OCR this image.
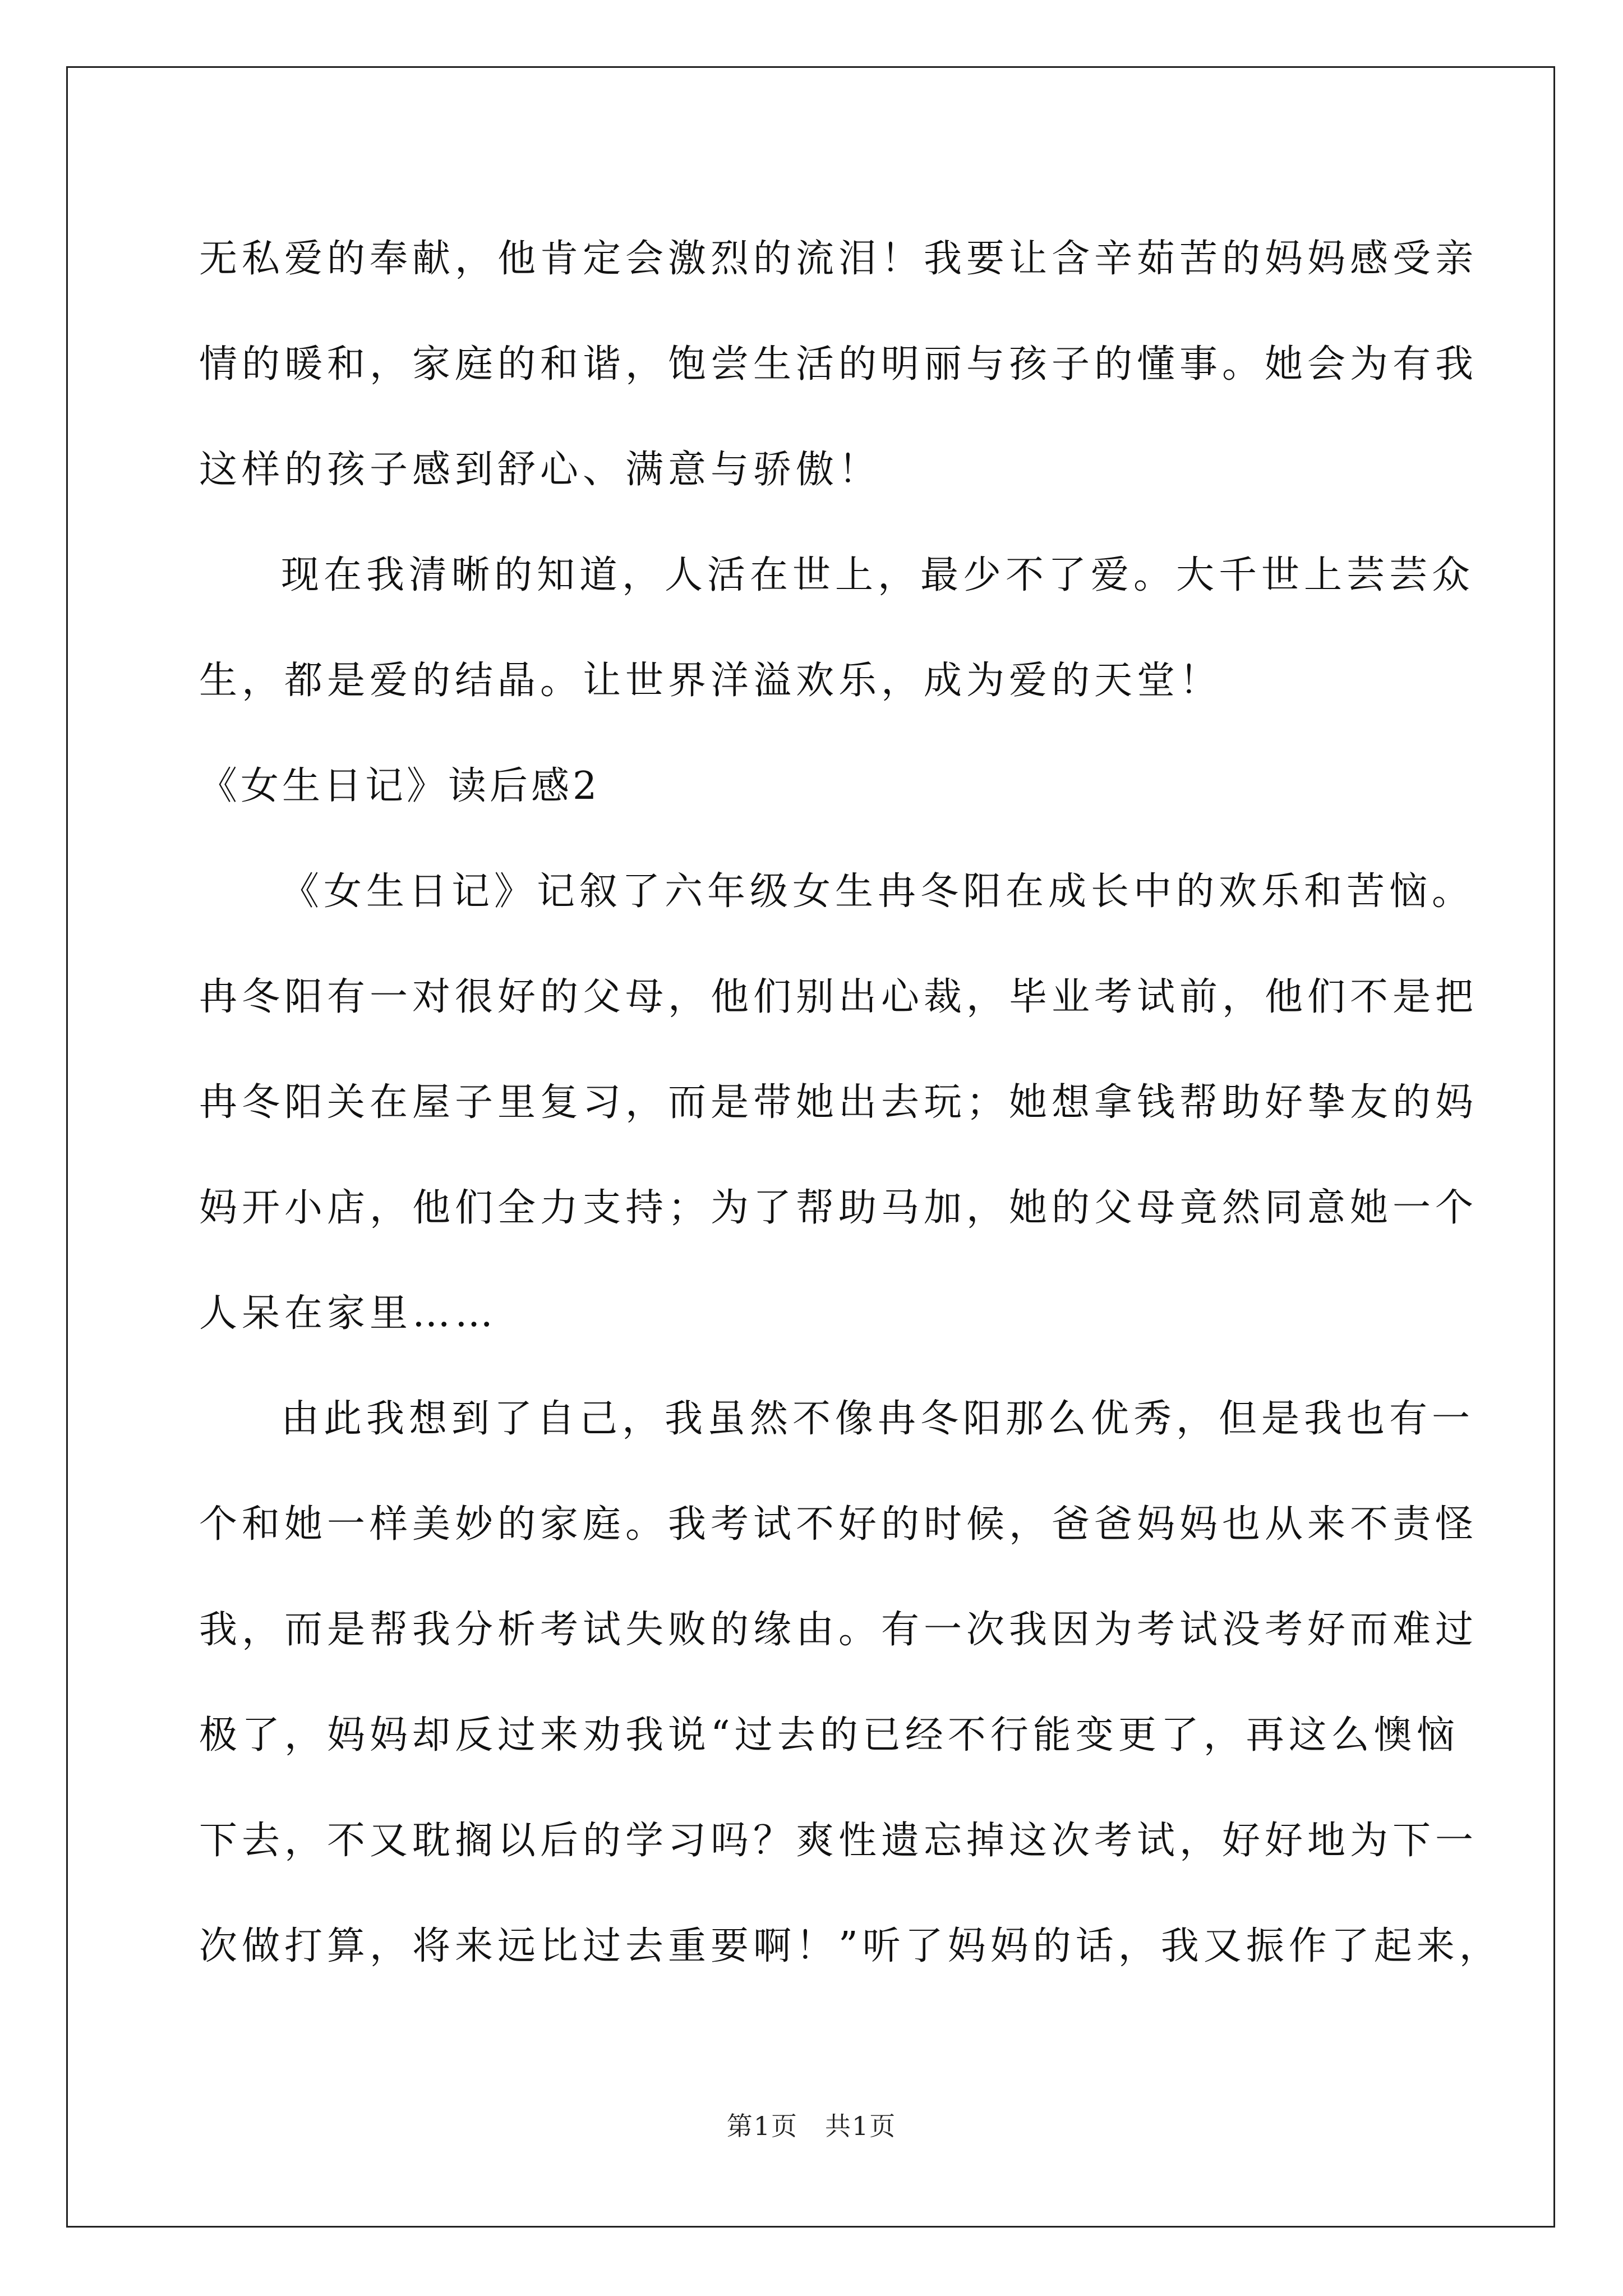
无私爱的奉献，他肯定会激烈的流泪！我要让含辛茹苦的妈妈感受亲
情的暖和，家庭的和谐，饱尝生活的明丽与孩子的懂事。她会为有我
这样的孩子感到舒心、满意与骄傲！
现在我清晰的知道，人活在世上，最少不了爱。大千世上芸芸众
生，都是爱的结晶。让世界洋溢欢乐，成为爱的天堂！
《女生日记》读后感2
《女生日记》记叙了六年级女生冉冬阳在成长中的欢乐和苦恼。
冉冬阳有一对很好的父母，他们别出心裁，毕业考试前，他们不是把
冉冬阳关在屋子里复习，而是带她出去玩；她想拿钱帮助好挚友的妈
妈开小店，他们全力支持；为了帮助马加，她的父母竟然同意她一个
人呆在家里……
由此我想到了自己，我虽然不像冉冬阳那么优秀，但是我也有一
个和她一样美妙的家庭。我考试不好的时候，爸爸妈妈也从来不责怪
我，而是帮我分析考试失败的缘由。有一次我因为考试没考好而难过
极了，妈妈却反过来劝我说“过去的已经不行能变更了，再这么懊恼
下去，不又耽搁以后的学习吗？爽性遗忘掉这次考试，好好地为下一
次做打算，将来远比过去重要啊！”听了妈妈的话，我又振作了起来，
第1页　共1页
